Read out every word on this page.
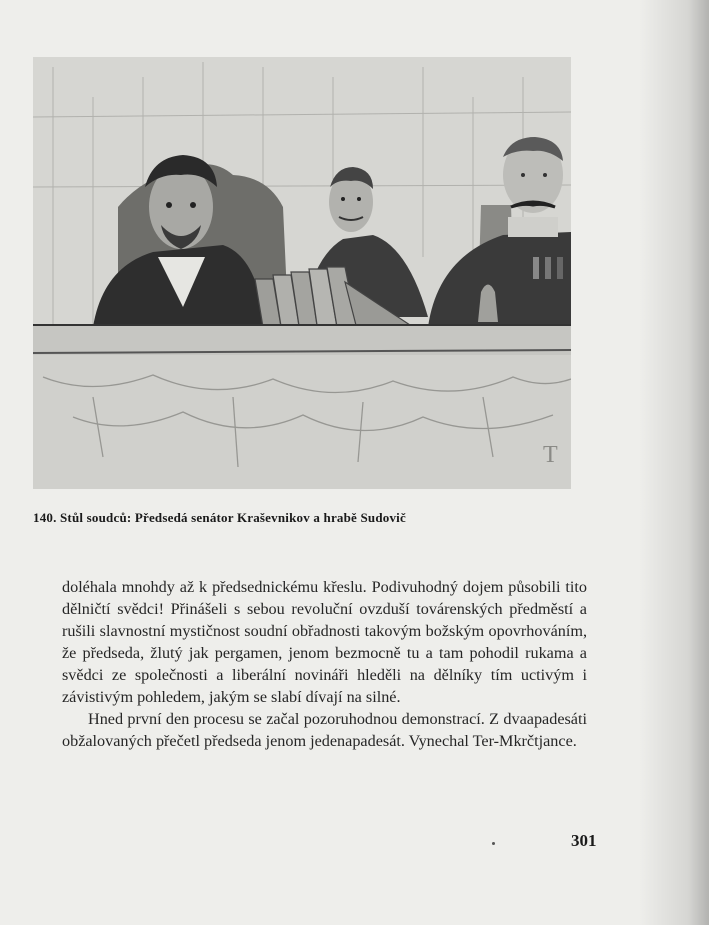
T
140. Stůl soudců: Předsedá senátor Kraševnikov a hrabě Sudovič

doléhala mnohdy až k předsednickému křeslu. Podivuhodný dojem působili tito dělničtí svědci! Přinášeli s sebou revoluční ovzduší továrenských předměstí a rušili slavnostní mystičnost soudní obřadnosti takovým božským opovrhováním, že předseda, žlutý jak pergamen, jenom bezmocně tu a tam pohodil rukama a svědci ze společnosti a liberální novináři hleděli na dělníky tím uctivým i závistivým pohledem, jakým se slabí dívají na silné.

Hned první den procesu se začal pozoruhodnou demonstrací. Z dvaapadesáti obžalovaných přečetl předseda jenom jedenapadesát. Vynechal Ter-Mkrčtjance.

301
